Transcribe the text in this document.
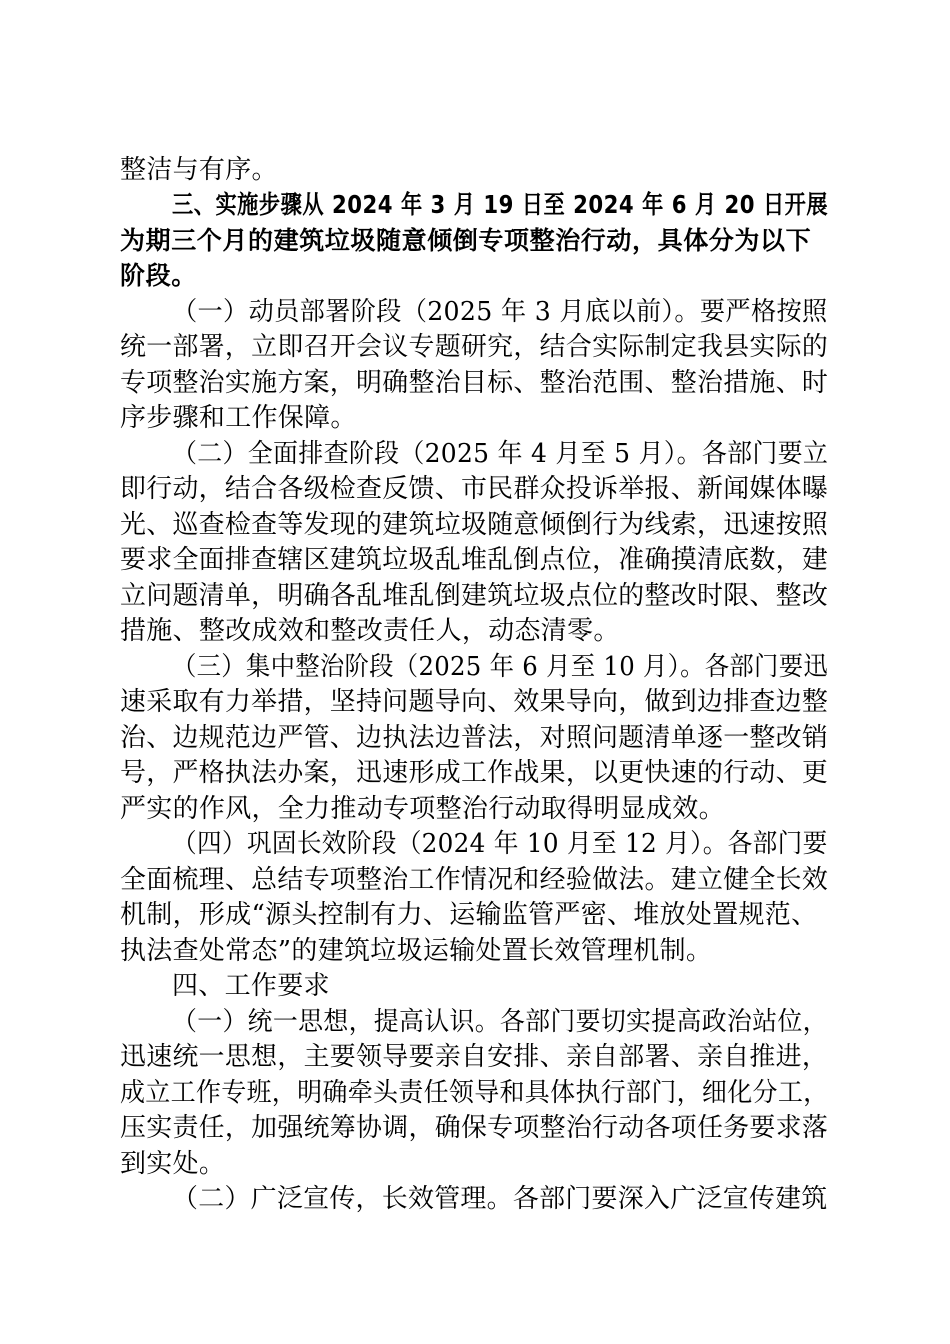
整洁与有序。
三、实施步骤从 2024 年 3 月 19 日至 2024 年 6 月 20 日开展
为期三个月的建筑垃圾随意倾倒专项整治行动，具体分为以下
阶段。
（一）动员部署阶段（2025 年 3 月底以前）。要严格按照
统一部署，立即召开会议专题研究，结合实际制定我县实际的
专项整治实施方案，明确整治目标、整治范围、整治措施、时
序步骤和工作保障。
（二）全面排查阶段（2025 年 4 月至 5 月）。各部门要立
即行动，结合各级检查反馈、市民群众投诉举报、新闻媒体曝
光、巡查检查等发现的建筑垃圾随意倾倒行为线索，迅速按照
要求全面排查辖区建筑垃圾乱堆乱倒点位，准确摸清底数，建
立问题清单，明确各乱堆乱倒建筑垃圾点位的整改时限、整改
措施、整改成效和整改责任人，动态清零。
（三）集中整治阶段（2025 年 6 月至 10 月）。各部门要迅
速采取有力举措，坚持问题导向、效果导向，做到边排查边整
治、边规范边严管、边执法边普法，对照问题清单逐一整改销
号，严格执法办案，迅速形成工作战果，以更快速的行动、更
严实的作风，全力推动专项整治行动取得明显成效。
（四）巩固长效阶段（2024 年 10 月至 12 月）。各部门要
全面梳理、总结专项整治工作情况和经验做法。建立健全长效
机制，形成“源头控制有力、运输监管严密、堆放处置规范、
执法查处常态”的建筑垃圾运输处置长效管理机制。
四、工作要求
（一）统一思想，提高认识。各部门要切实提高政治站位，
迅速统一思想，主要领导要亲自安排、亲自部署、亲自推进，
成立工作专班，明确牵头责任领导和具体执行部门，细化分工，
压实责任，加强统筹协调，确保专项整治行动各项任务要求落
到实处。
（二）广泛宣传，长效管理。各部门要深入广泛宣传建筑
